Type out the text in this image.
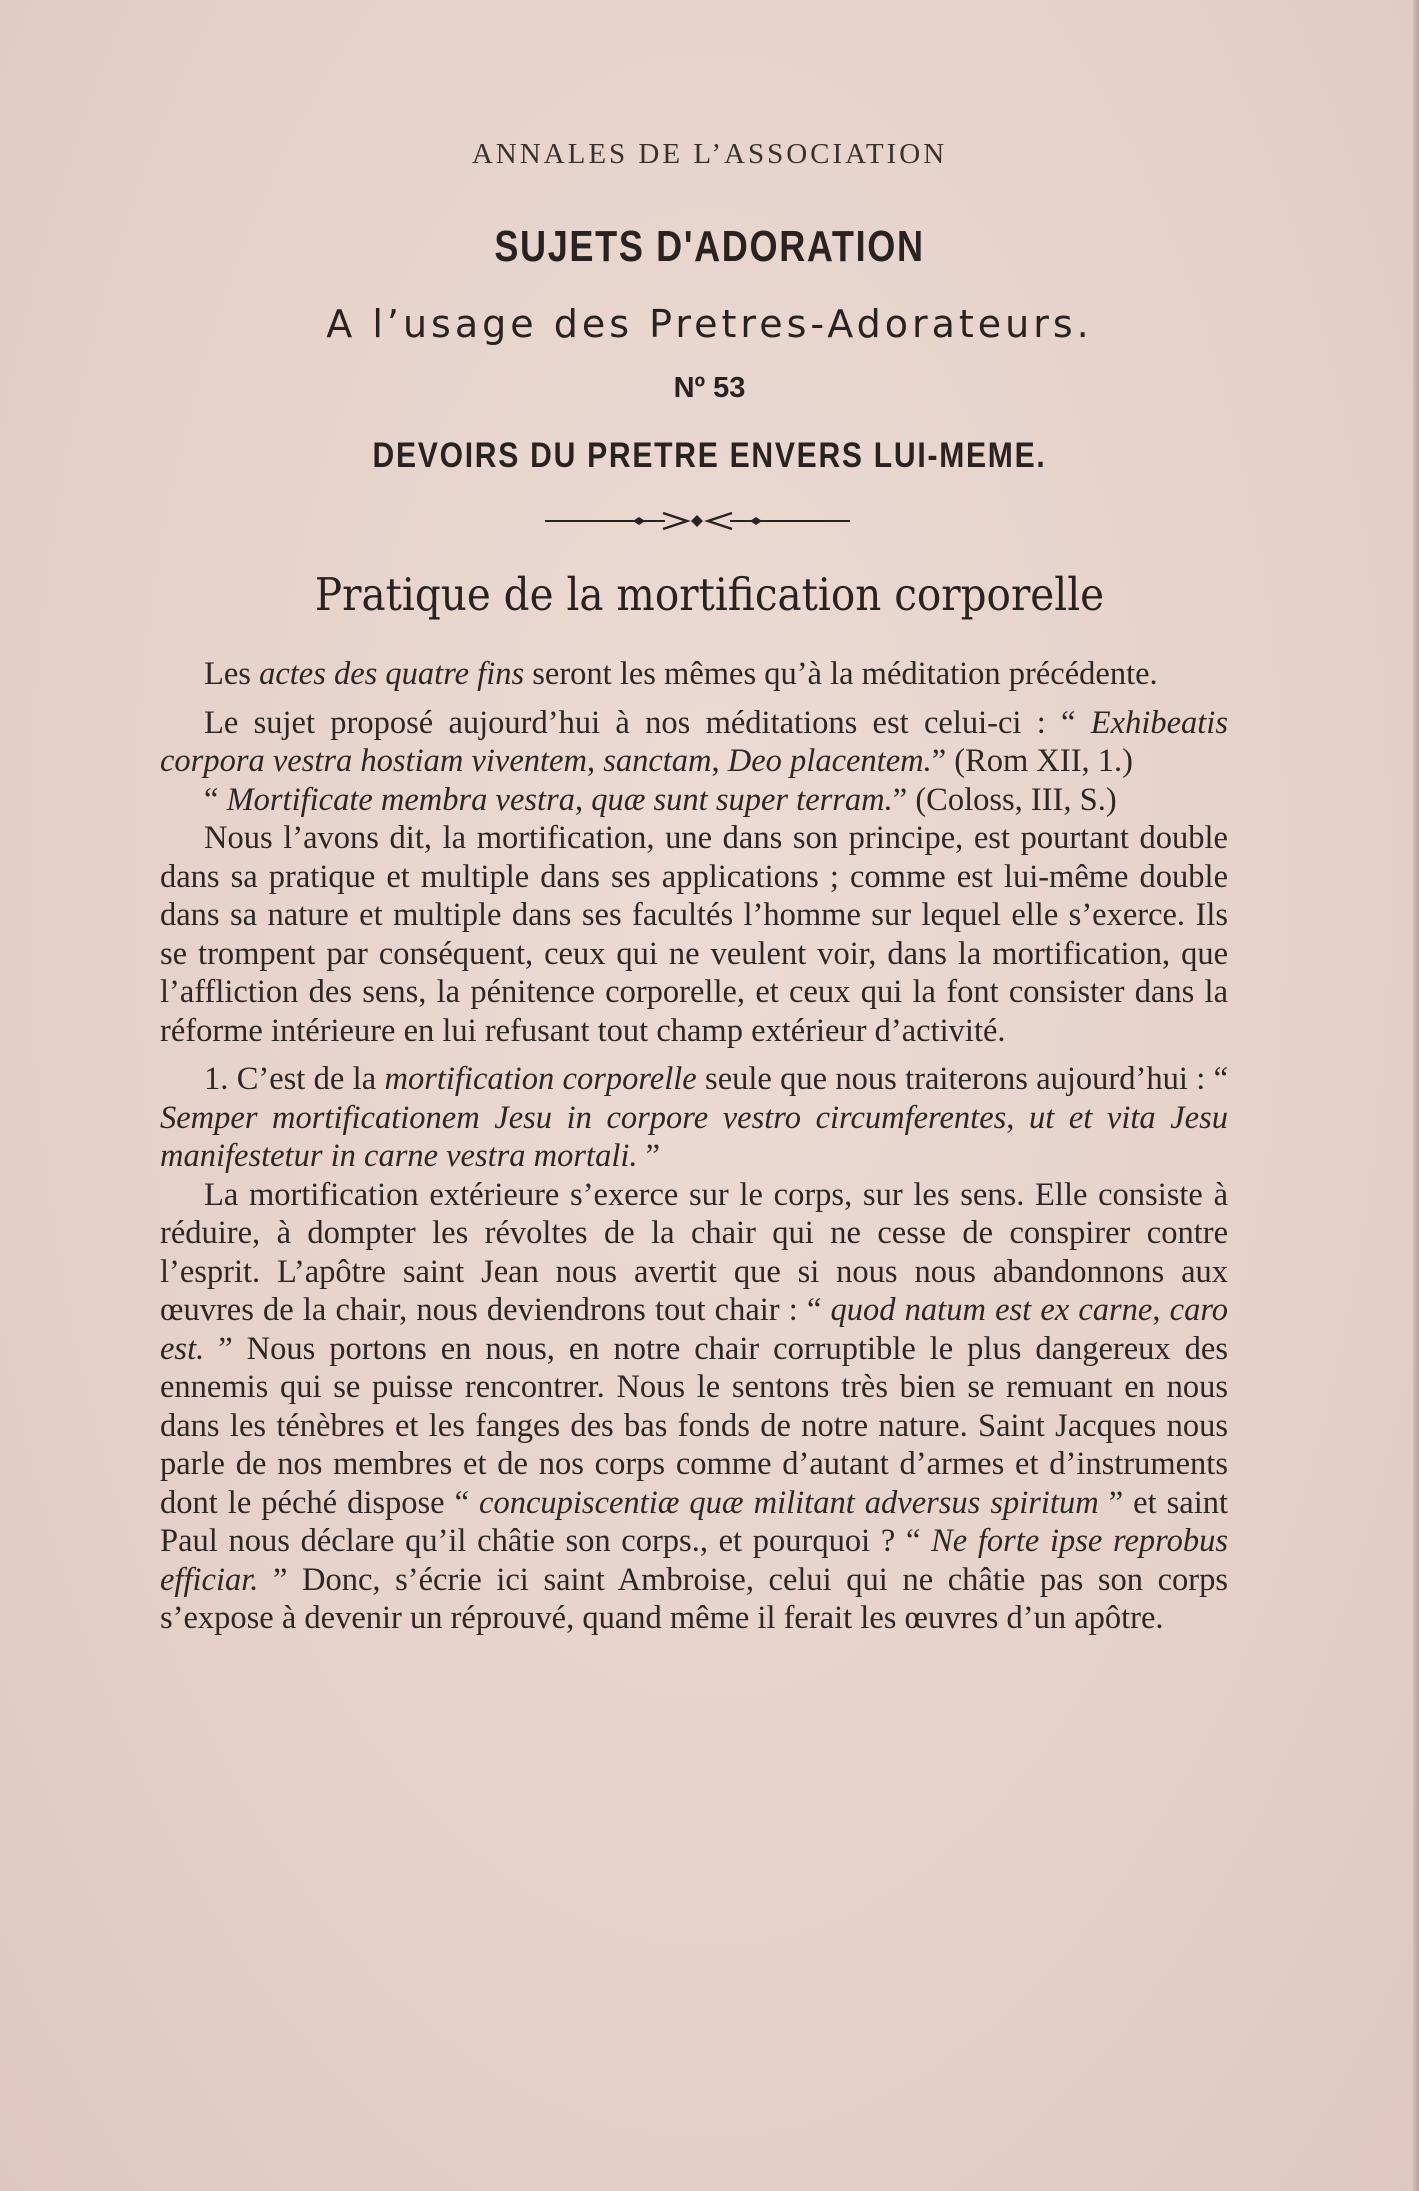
ANNALES DE L’ASSOCIATION
SUJETS D'ADORATION
A l’usage des Pretres-Adorateurs.
Nº 53
DEVOIRS DU PRETRE ENVERS LUI-MEME.
Pratique de la mortification corporelle

Les actes des quatre fins seront les mêmes qu’à la méditation précédente.

Le sujet proposé aujourd’hui à nos méditations est celui-ci : “ Exhibeatis corpora vestra hostiam viventem, sanctam, Deo placentem.” (Rom XII, 1.)

“ Mortificate membra vestra, quæ sunt super terram.” (Coloss, III, S.)

Nous l’avons dit, la mortification, une dans son principe, est pourtant double dans sa pratique et multiple dans ses applications ; comme est lui-même double dans sa nature et multiple dans ses facultés l’homme sur lequel elle s’exerce. Ils se trompent par conséquent, ceux qui ne veulent voir, dans la mortification, que l’affliction des sens, la pénitence corporelle, et ceux qui la font consister dans la réforme intérieure en lui refusant tout champ extérieur d’activité.

1. C’est de la mortification corporelle seule que nous traiterons aujourd’hui : “ Semper mortificationem Jesu in corpore vestro circumferentes, ut et vita Jesu manifestetur in carne vestra mortali. ”

La mortification extérieure s’exerce sur le corps, sur les sens. Elle consiste à réduire, à dompter les révoltes de la chair qui ne cesse de conspirer contre l’esprit. L’apôtre saint Jean nous avertit que si nous nous abandonnons aux œuvres de la chair, nous deviendrons tout chair : “ quod natum est ex carne, caro est. ” Nous portons en nous, en notre chair corruptible le plus dangereux des ennemis qui se puisse rencontrer. Nous le sentons très bien se remuant en nous dans les ténèbres et les fanges des bas fonds de notre nature. Saint Jacques nous parle de nos membres et de nos corps comme d’autant d’armes et d’instruments dont le péché dispose “ concupiscentiæ quæ militant adversus spiritum ” et saint Paul nous déclare qu’il châtie son corps., et pourquoi ? “ Ne forte ipse reprobus efficiar. ” Donc, s’écrie ici saint Ambroise, celui qui ne châtie pas son corps s’expose à devenir un réprouvé, quand même il ferait les œuvres d’un apôtre.
